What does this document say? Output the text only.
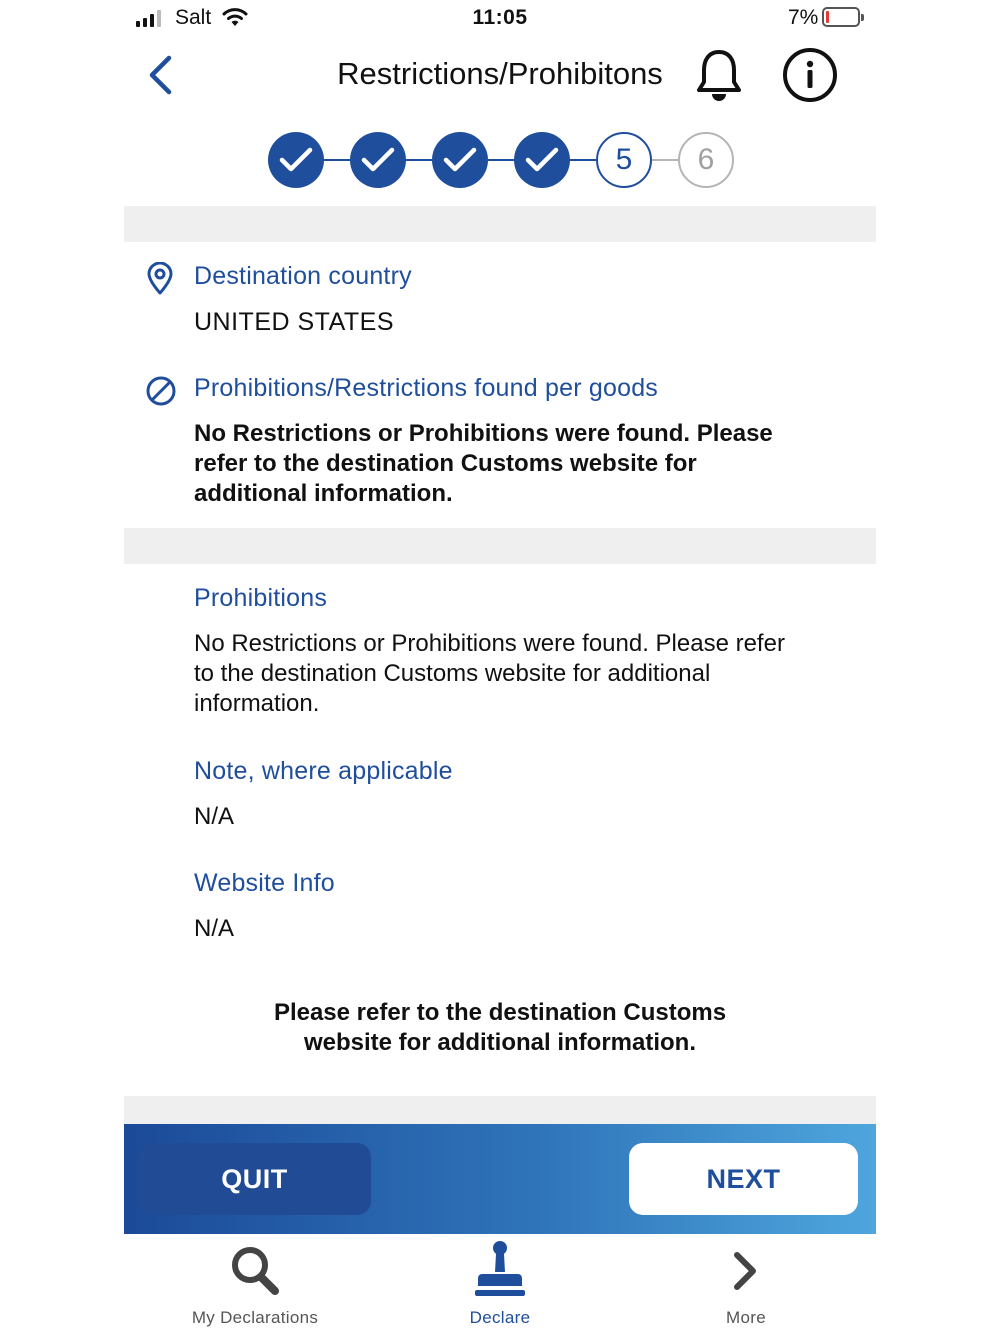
Salt	11:05	7%
Restrictions/Prohibitons
5	6
Destination country
UNITED STATES
Prohibitions/Restrictions found per goods
No Restrictions or Prohibitions were found. Please
refer to the destination Customs website for
additional information.
Prohibitions
No Restrictions or Prohibitions were found. Please refer
to the destination Customs website for additional
information.
Note, where applicable
N/A
Website Info
N/A
Please refer to the destination Customs
website for additional information.
QUIT	NEXT
My Declarations	Declare	More
